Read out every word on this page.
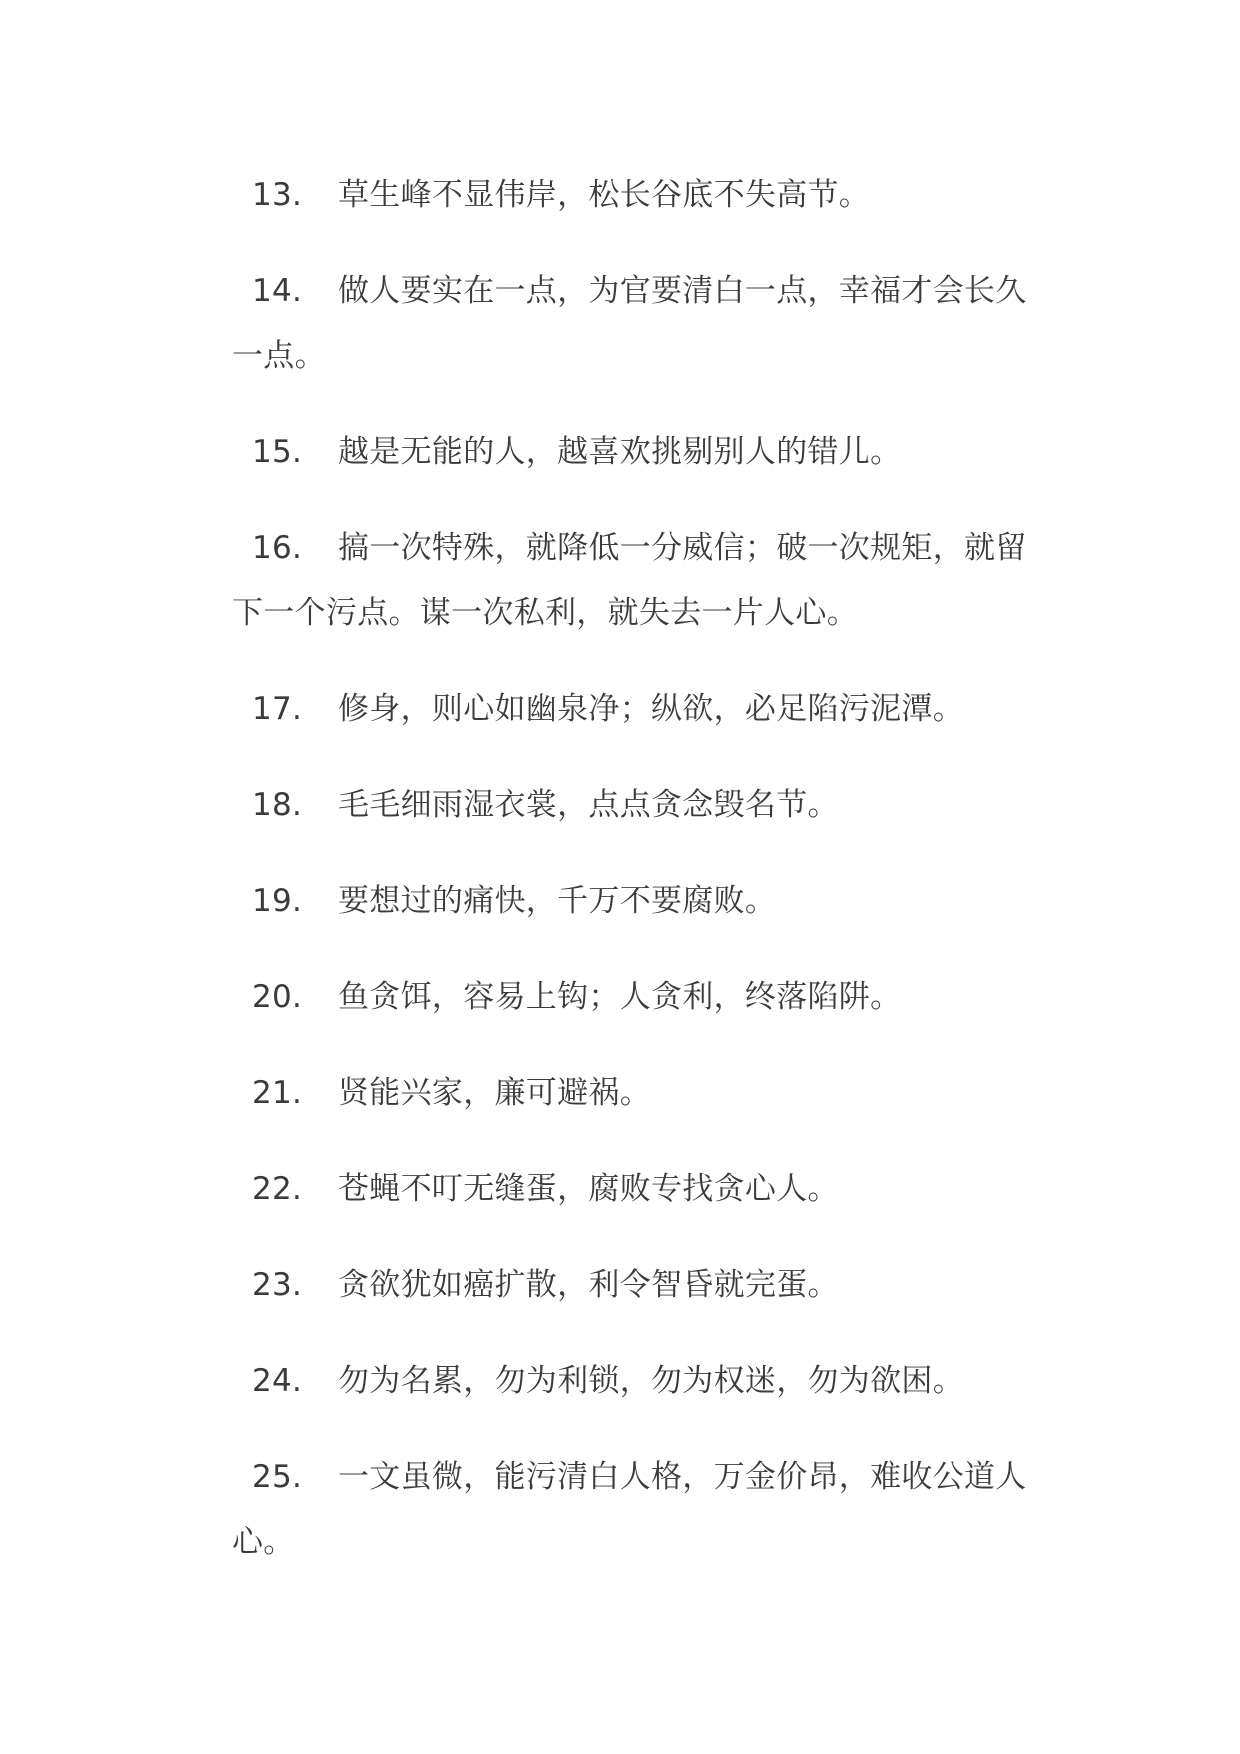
13. 草生峰不显伟岸，松长谷底不失高节。

14. 做人要实在一点，为官要清白一点，幸福才会长久一点。

15. 越是无能的人，越喜欢挑剔别人的错儿。

16. 搞一次特殊，就降低一分威信；破一次规矩，就留下一个污点。谋一次私利，就失去一片人心。

17. 修身，则心如幽泉净；纵欲，必足陷污泥潭。

18. 毛毛细雨湿衣裳，点点贪念毁名节。

19. 要想过的痛快，千万不要腐败。

20. 鱼贪饵，容易上钩；人贪利，终落陷阱。

21. 贤能兴家，廉可避祸。

22. 苍蝇不叮无缝蛋，腐败专找贪心人。

23. 贪欲犹如癌扩散，利令智昏就完蛋。

24. 勿为名累，勿为利锁，勿为权迷，勿为欲困。

25. 一文虽微，能污清白人格，万金价昂，难收公道人心。
